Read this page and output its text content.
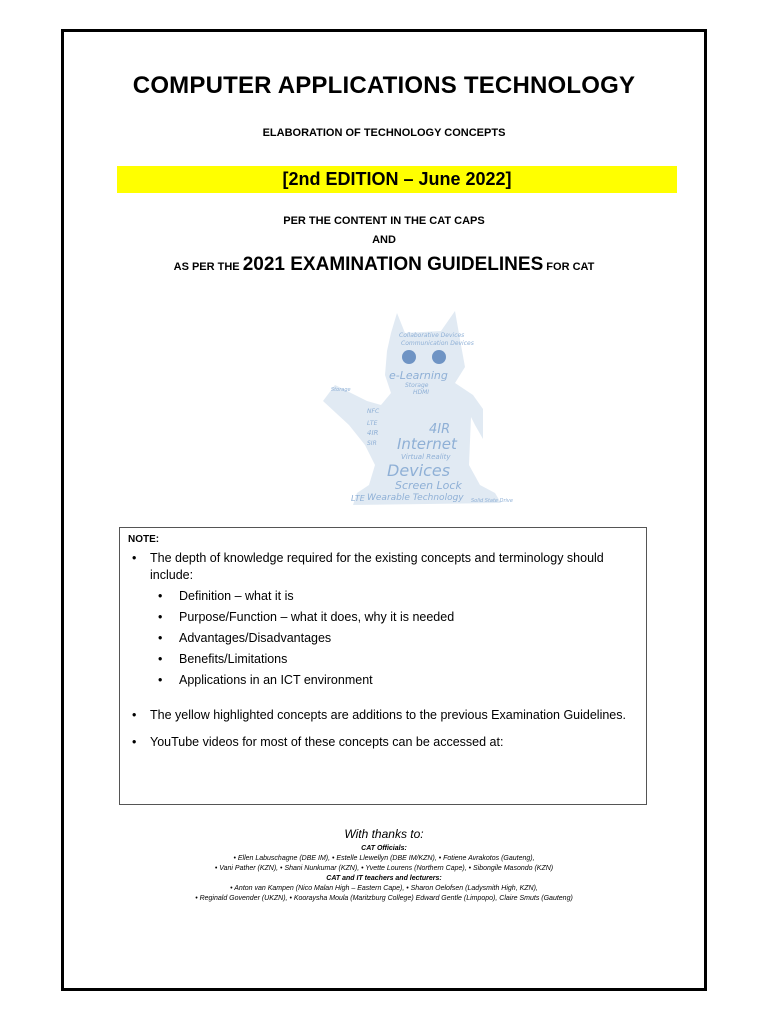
COMPUTER APPLICATIONS TECHNOLOGY
ELABORATION OF TECHNOLOGY CONCEPTS
[2nd EDITION – June 2022]
PER THE CONTENT IN THE CAT CAPS
AND
AS PER THE 2021 EXAMINATION GUIDELINES FOR CAT
Collaborative Devices
Communication Devices
e-Learning
Storage
HDMI
Storage
NFC
LTE
4IR
SIR
4IR
Internet
Virtual Reality
Devices
Screen Lock
LTE Wearable Technology Solid State Drive
NOTE:
• The depth of knowledge required for the existing concepts and terminology should include:
• Definition – what it is
• Purpose/Function – what it does, why it is needed
• Advantages/Disadvantages
• Benefits/Limitations
• Applications in an ICT environment
• The yellow highlighted concepts are additions to the previous Examination Guidelines.
• YouTube videos for most of these concepts can be accessed at:
With thanks to:
CAT Officials:
• Ellen Labuschagne (DBE IM), • Estelle Llewellyn (DBE IM/KZN), • Fotiene Avrakotos (Gauteng),
• Vani Pather (KZN), • Shani Nunkumar (KZN), • Yvette Lourens (Northern Cape), • Sibongile Masondo (KZN)
CAT and IT teachers and lecturers:
• Anton van Kampen (Nico Malan High – Eastern Cape), • Sharon Oelofsen (Ladysmith High, KZN),
• Reginald Govender (UKZN), • Kooraysha Moula (Maritzburg College) Edward Gentle (Limpopo), Claire Smuts (Gauteng)
